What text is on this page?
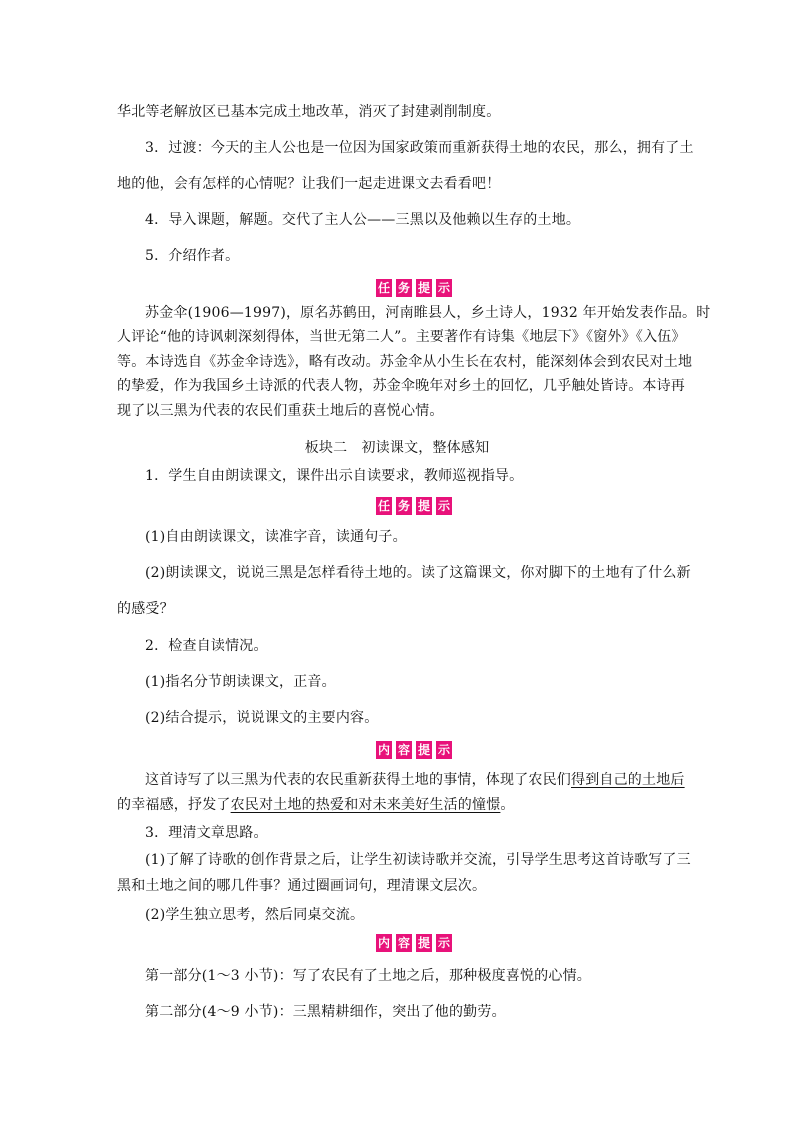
华北等老解放区已基本完成土地改革，消灭了封建剥削制度。
3．过渡：今天的主人公也是一位因为国家政策而重新获得土地的农民，那么，拥有了土
地的他，会有怎样的心情呢？让我们一起走进课文去看看吧！
4．导入课题，解题。交代了主人公——三黑以及他赖以生存的土地。
5．介绍作者。
任 务 提 示
苏金伞(1906—1997)，原名苏鹤田，河南睢县人，乡土诗人，1932 年开始发表作品。时
人评论“他的诗讽刺深刻得体，当世无第二人”。主要著作有诗集《地层下》《窗外》《入伍》
等。本诗选自《苏金伞诗选》，略有改动。苏金伞从小生长在农村，能深刻体会到农民对土地
的挚爱，作为我国乡土诗派的代表人物，苏金伞晚年对乡土的回忆，几乎触处皆诗。本诗再
现了以三黑为代表的农民们重获土地后的喜悦心情。
板块二　初读课文，整体感知
1．学生自由朗读课文，课件出示自读要求，教师巡视指导。
任 务 提 示
(1)自由朗读课文，读准字音，读通句子。
(2)朗读课文，说说三黑是怎样看待土地的。读了这篇课文，你对脚下的土地有了什么新
的感受？
2．检查自读情况。
(1)指名分节朗读课文，正音。
(2)结合提示，说说课文的主要内容。
内 容 提 示
这首诗写了以三黑为代表的农民重新获得土地的事情，体现了农民们得到自己的土地后
的幸福感，抒发了农民对土地的热爱和对未来美好生活的憧憬。
3．理清文章思路。
(1)了解了诗歌的创作背景之后，让学生初读诗歌并交流，引导学生思考这首诗歌写了三
黑和土地之间的哪几件事？通过圈画词句，理清课文层次。
(2)学生独立思考，然后同桌交流。
内 容 提 示
第一部分(1～3 小节)：写了农民有了土地之后，那种极度喜悦的心情。
第二部分(4～9 小节)：三黑精耕细作，突出了他的勤劳。
